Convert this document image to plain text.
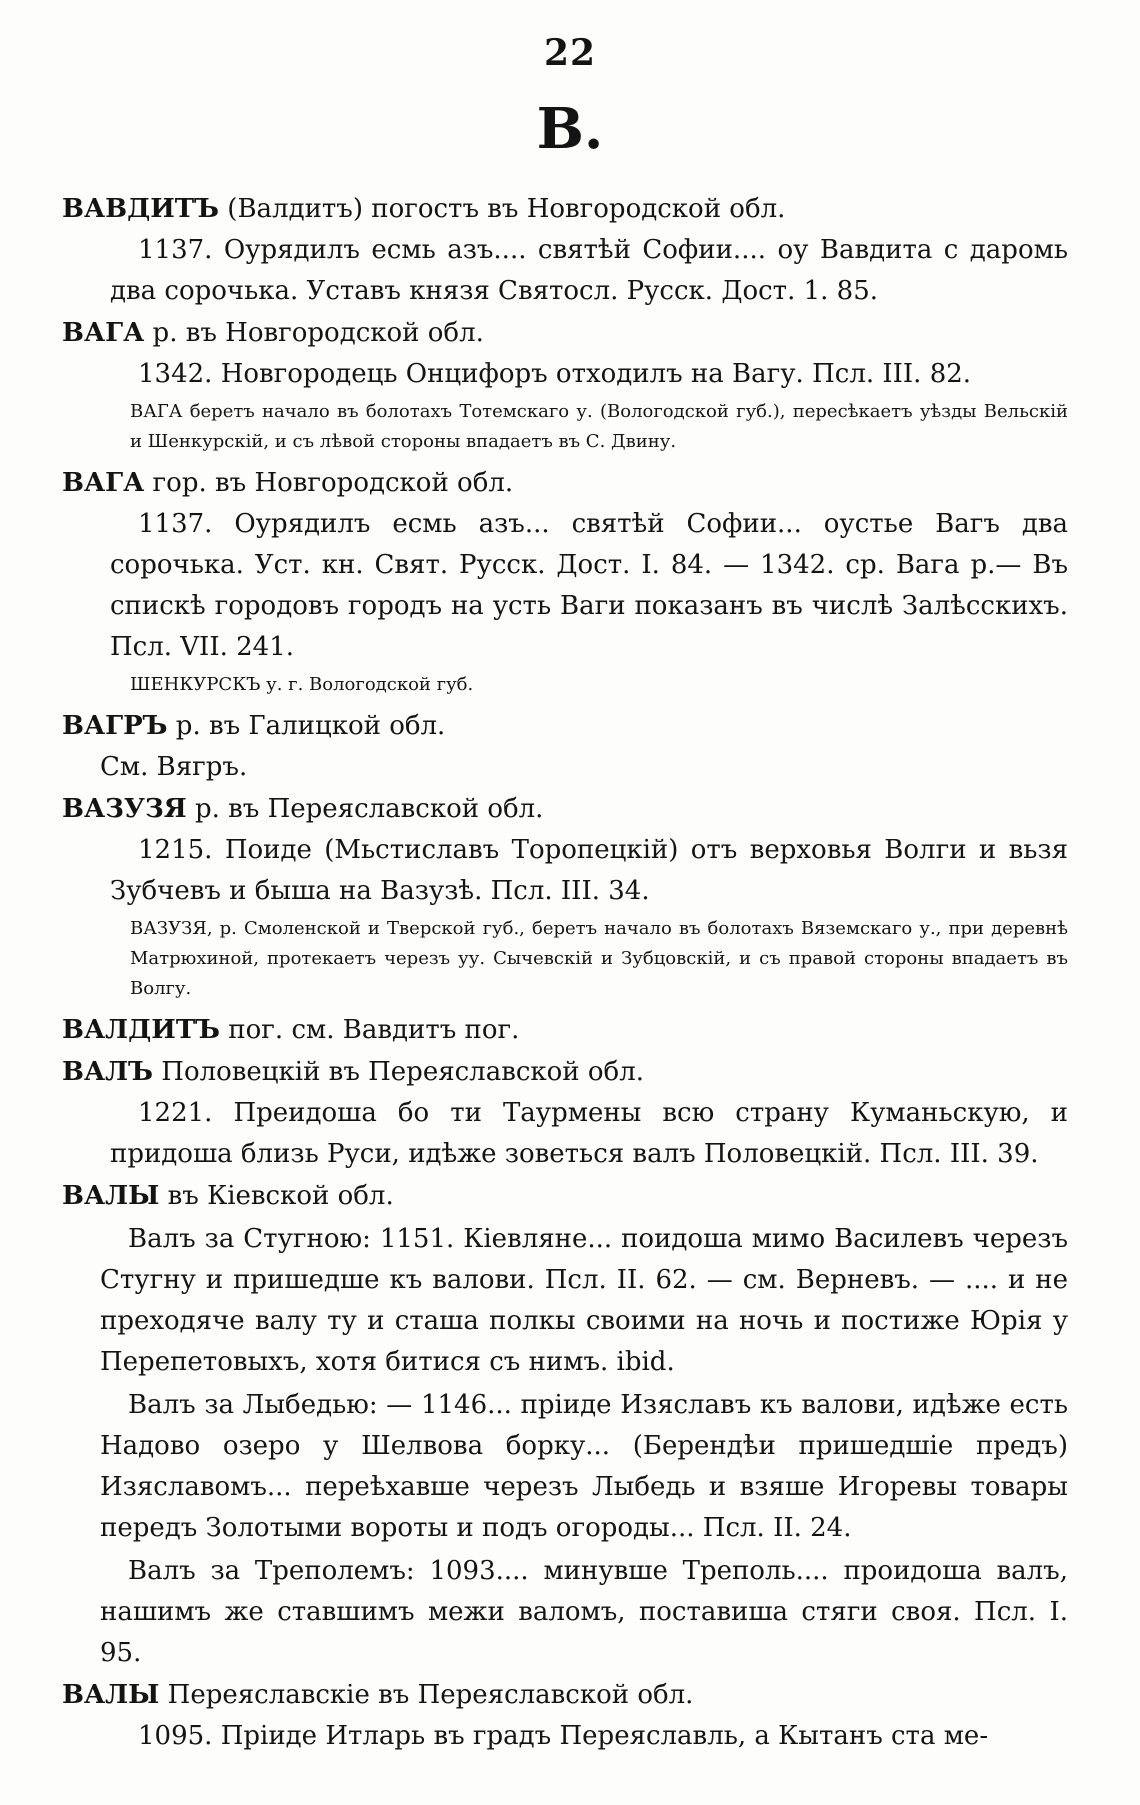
22
В.
ВАВДИТЪ (Валдитъ) погостъ въ Новгородской обл.

1137. Оурядилъ есмь азъ.... святѣй Софии.... оу Вавдита с даромь два сорочька. Уставъ князя Святосл. Русск. Дост. 1. 85.

ВАГА р. въ Новгородской обл.

1342. Новгородець Онцифоръ отходилъ на Вагу. Псл. III. 82.

ВАГА беретъ начало въ болотахъ Тотемскаго у. (Вологодской губ.), пересѣкаетъ уѣзды Вельскій и Шенкурскій, и съ лѣвой стороны впадаетъ въ С. Двину.

ВАГА гор. въ Новгородской обл.

1137. Оурядилъ есмь азъ... святѣй Софии... оустье Вагъ два сорочька. Уст. кн. Свят. Русск. Дост. I. 84. — 1342. ср. Вага р.— Въ спискѣ городовъ городъ на усть Ваги показанъ въ числѣ Залѣсскихъ. Псл. VII. 241.

ШЕНКУРСКЪ у. г. Вологодской губ.

ВАГРЪ р. въ Галицкой обл.

См. Вягръ.

ВАЗУЗЯ р. въ Переяславской обл.

1215. Поиде (Мьстиславъ Торопецкій) отъ верховья Волги и вьзя Зубчевъ и быша на Вазузѣ. Псл. III. 34.

ВАЗУЗЯ, р. Смоленской и Тверской губ., беретъ начало въ болотахъ Вяземскаго у., при деревнѣ Матрюхиной, протекаетъ черезъ уу. Сычевскій и Зубцовскій, и съ правой стороны впадаетъ въ Волгу.

ВАЛДИТЪ пог. см. Вавдитъ пог.
ВАЛЪ Половецкій въ Переяславской обл.

1221. Преидоша бо ти Таурмены всю страну Куманьскую, и придоша близь Руси, идѣже зоветься валъ Половецкій. Псл. III. 39.

ВАЛЫ въ Кіевской обл.

Валъ за Стугною: 1151. Кіевляне... поидоша мимо Василевъ черезъ Стугну и пришедше къ валови. Псл. II. 62. — см. Верневъ. — .... и не преходяче валу ту и сташа полкы своими на ночь и постиже Юрія у Перепетовыхъ, хотя битися съ нимъ. ibid.

Валъ за Лыбедью: — 1146... пріиде Изяславъ къ валови, идѣже есть Надово озеро у Шелвова борку... (Берендѣи пришедшіе предъ) Изяславомъ... переѣхавше черезъ Лыбедь и взяше Игоревы товары передъ Золотыми вороты и подъ огороды... Псл. II. 24.

Валъ за Треполемъ: 1093.... минувше Треполь.... проидоша валъ, нашимъ же ставшимъ межи валомъ, поставиша стяги своя. Псл. I. 95.

ВАЛЫ Переяславскіе въ Переяславской обл.

1095. Пріиде Итларь въ градъ Переяславль, а Кытанъ ста ме-
